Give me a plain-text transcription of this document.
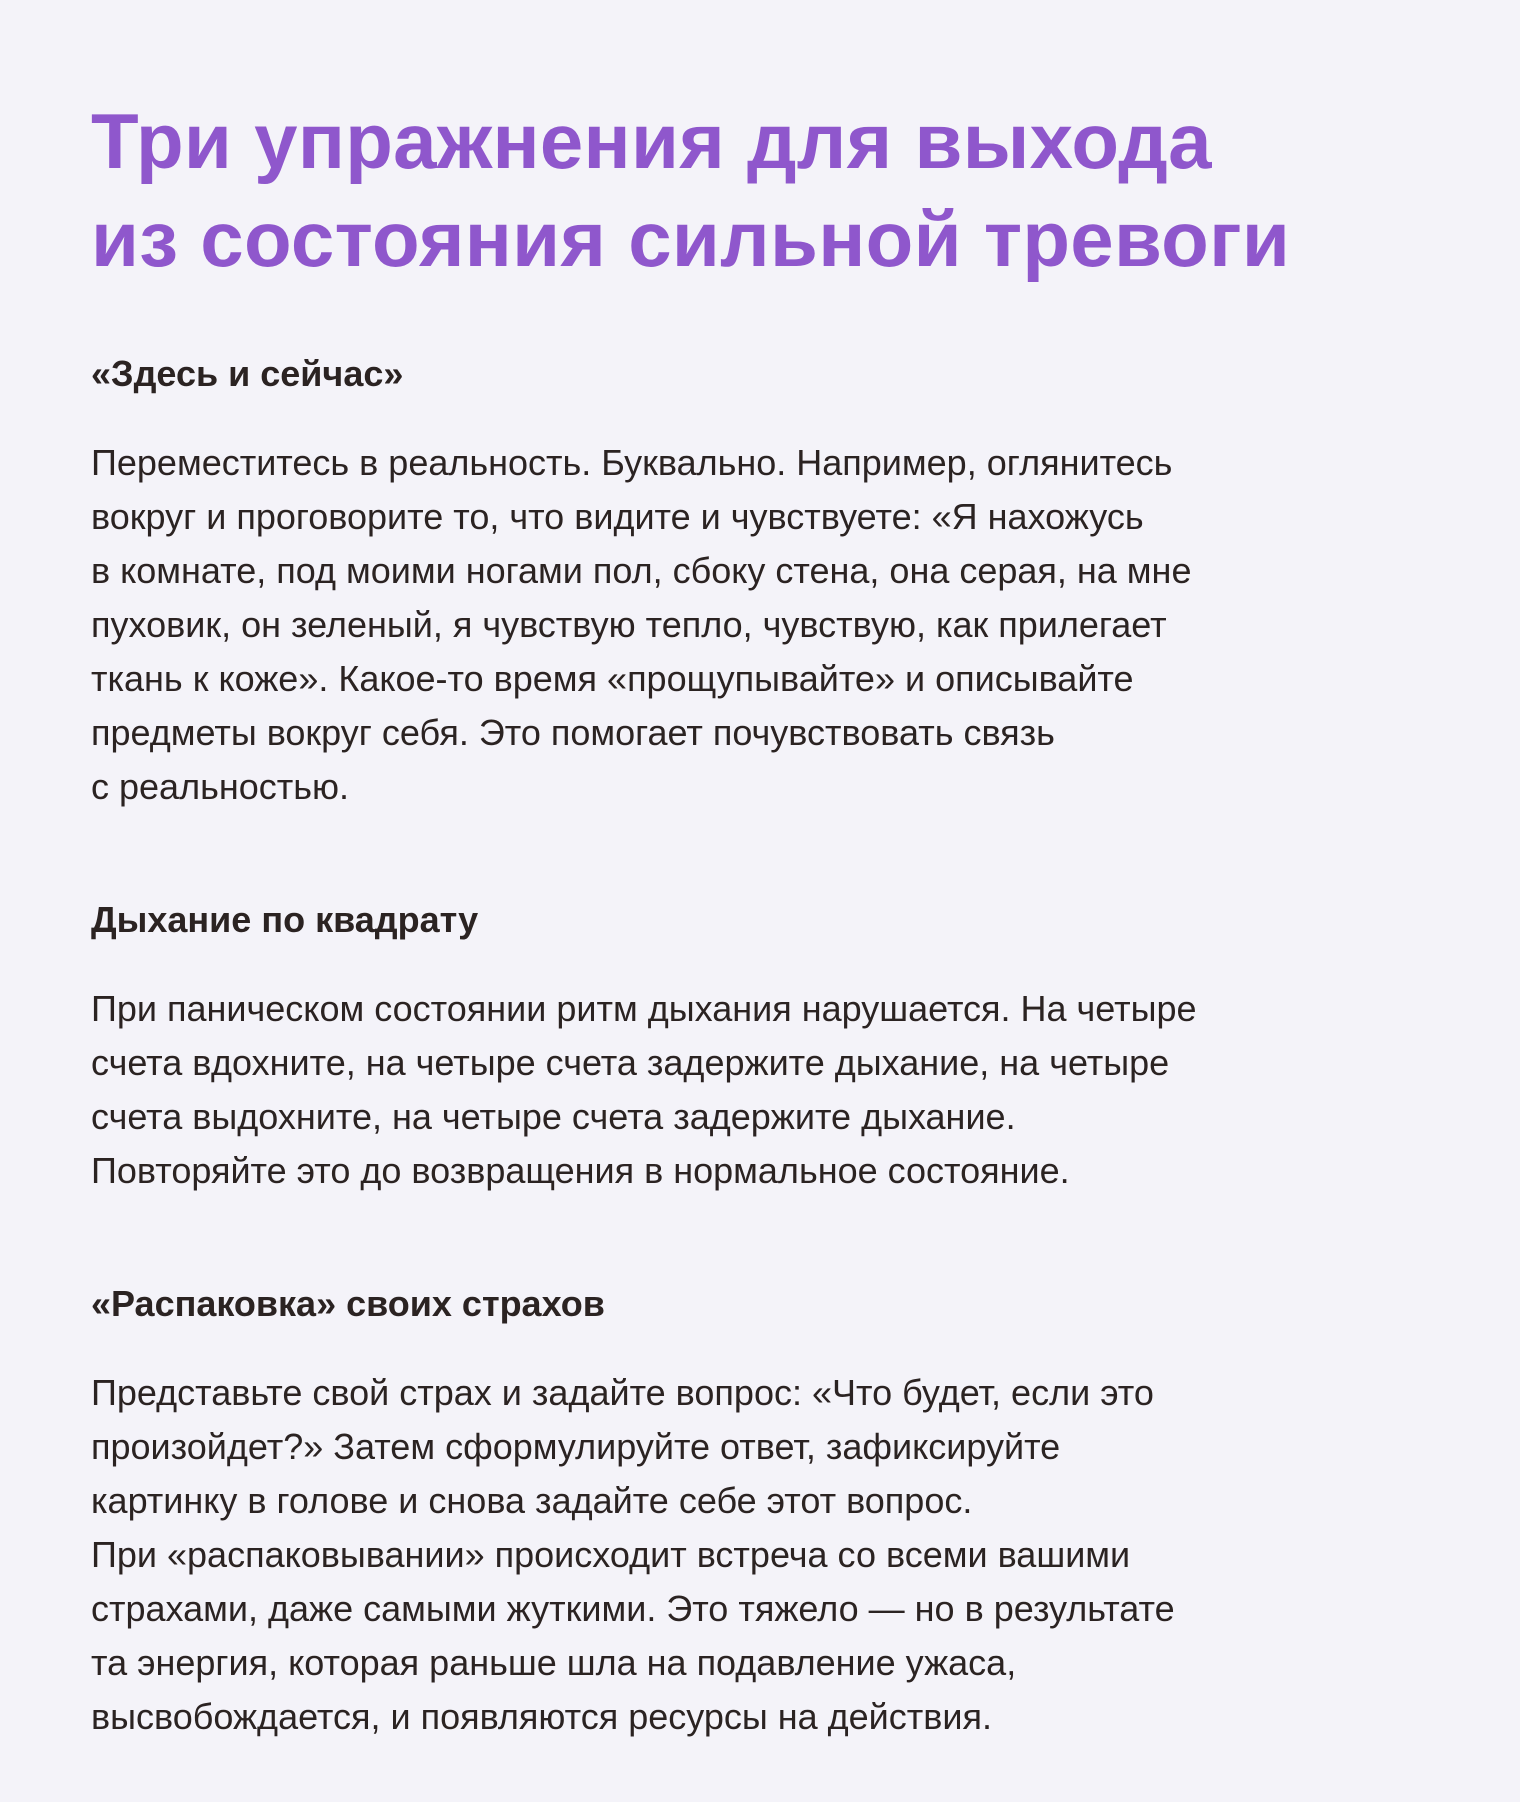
Три упражнения для выхода
из состояния сильной тревоги
«Здесь и сейчас»

Переместитесь в реальность. Буквально. Например, оглянитесь
вокруг и проговорите то, что видите и чувствуете: «Я нахожусь
в комнате, под моими ногами пол, сбоку стена, она серая, на мне
пуховик, он зеленый, я чувствую тепло, чувствую, как прилегает
ткань к коже». Какое-то время «прощупывайте» и описывайте
предметы вокруг себя. Это помогает почувствовать связь
с реальностью.

Дыхание по квадрату

При паническом состоянии ритм дыхания нарушается. На четыре
счета вдохните, на четыре счета задержите дыхание, на четыре
счета выдохните, на четыре счета задержите дыхание.
Повторяйте это до возвращения в нормальное состояние.

«Распаковка» своих страхов

Представьте свой страх и задайте вопрос: «Что будет, если это
произойдет?» Затем сформулируйте ответ, зафиксируйте
картинку в голове и снова задайте себе этот вопрос.
При «распаковывании» происходит встреча со всеми вашими
страхами, даже самыми жуткими. Это тяжело — но в результате
та энергия, которая раньше шла на подавление ужаса,
высвобождается, и появляются ресурсы на действия.
